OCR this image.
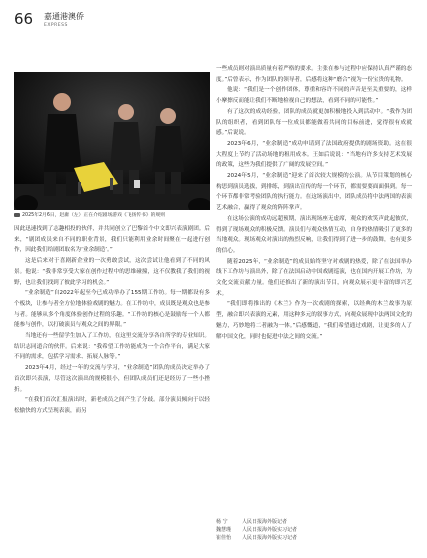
66 嘉通港澳侨
EXPRESS
2025年2月6日，赵庸（左）正在介绍剧场游戏《飞扬传书》的规则

因此迅速找到了志趣相投的伙伴，并共同创立了巴黎首个中文即兴表演剧团。后来，“剧团成员来自不同的职业背景，我们只能利用业余时间聚在一起进行创作，因此我们给剧团取名为‘业余制造’。”

这是后来对于喜剧新企业的一次勇敢尝试，这次尝试让他看到了不同的风景。他说：“我非常享受大家在创作过程中的思维碰撞，这不仅教我了我们的视野，也让我们找到了彼此学习的机会。”

“业余制造”自2022年起至今已成功举办了155期工作坊。每一期都设有多个板块，让参与者全方位地体验戏剧的魅力。在工作坊中，成员既是观众也是参与者。能够从多个角度体验创作过程的乐趣。“工作坊的核心是鼓励每一个人都能参与创作，以打破演员与观众之间的界限。”

当地还有一些留学生加入了工作坊，在这里交流分享各自所学的专业知识。结识志同道合的伙伴。后来说：“我希望工作坊能成为一个合作平台，满足大家不同的需求，包括学习需求、拓展人脉等。”

2023年4月，经过一年的交流与学习，“业余制造”团队的成员决定举办了首次即兴表演，尽管这次演出的规模很小，但团队成员们还是经历了一些小挫折。

“在我们首次汇报演出时，新老成员之间产生了分歧。部分演员倾向于以轻松愉快的方式呈现表演，而另

一些成员则对演出质量有着严格的要求。主张在参与过程中应保持认真严谨的态度。”后曾表示，作为团队的领导者，后感将这种“磨合”视为一份宝贵的礼物。

他说：“我们是一个创作团体，尊重和容许不同的声音是至关重要的，这样小摩擦反而能让我们不断地检视自己的想法，看到不同的可能性。”

有了这次的成功经验，团队的成员就更加积极地投入到活动中。“我作为团队的组织者，看到团队每一位成员都能做着共同的目标前进，觉得很有成就感。”后说说。

2023年6月，“业余制造”成功申请到了法国政府提供的剧场资助。这在很大程度上节约了活动场地的租用成本。王如后说说：“当地有许多支持艺术发展的政策，这些为我们提供了广阔的发展空间。”

2024年5月，“业余制造”迎来了首次较大规模的公演。从节目策划的核心构思到演员选拔，到排练，到演出宣传的每一个环节，都需要要面面俱到。每一个环节都非常考验团队的执行能力。在这场演出中，团队成员将中法两国的表演艺术融合，赢得了观众的阵阵掌声。

在这场公演的成功远超预期，演出现场座无虚席，观众的欢笑声此起彼伏，得到了现场观众的积极反馈。演员们与观众热情互动，自身的热情吸引了更多的当地观众。现场观众对演出的热烈反响，让我们得到了进一步的鼓舞，也有更多的信心。

随着2025年，“业余制造”的成员始终坚守对戏剧的热爱，除了在法国举办线下工作坊与演出外，除了在法国启动中国戏剧巡演，也在国内开展工作坊，为文化交流贡献力量。他们还推出了新的演出节目，向观众展示更丰富的即兴艺术。

“我们即将推出的《木兰》作为一次戏剧的探索，以经典的木兰故事为原型，融合即兴表演的元素，用这种多元的叙事方式，向观众展现中法两国文化的魅力，巧妙地将二者融为一体。”后感慨道，“我们希望通过戏剧，让更多的人了解中国文化，同时也促进中法之间的交流。”

杨 宁	人民日报海外版记者
魏慧瑾 人民日报海外版实习记者
崔佳怡 人民日报海外版实习记者
